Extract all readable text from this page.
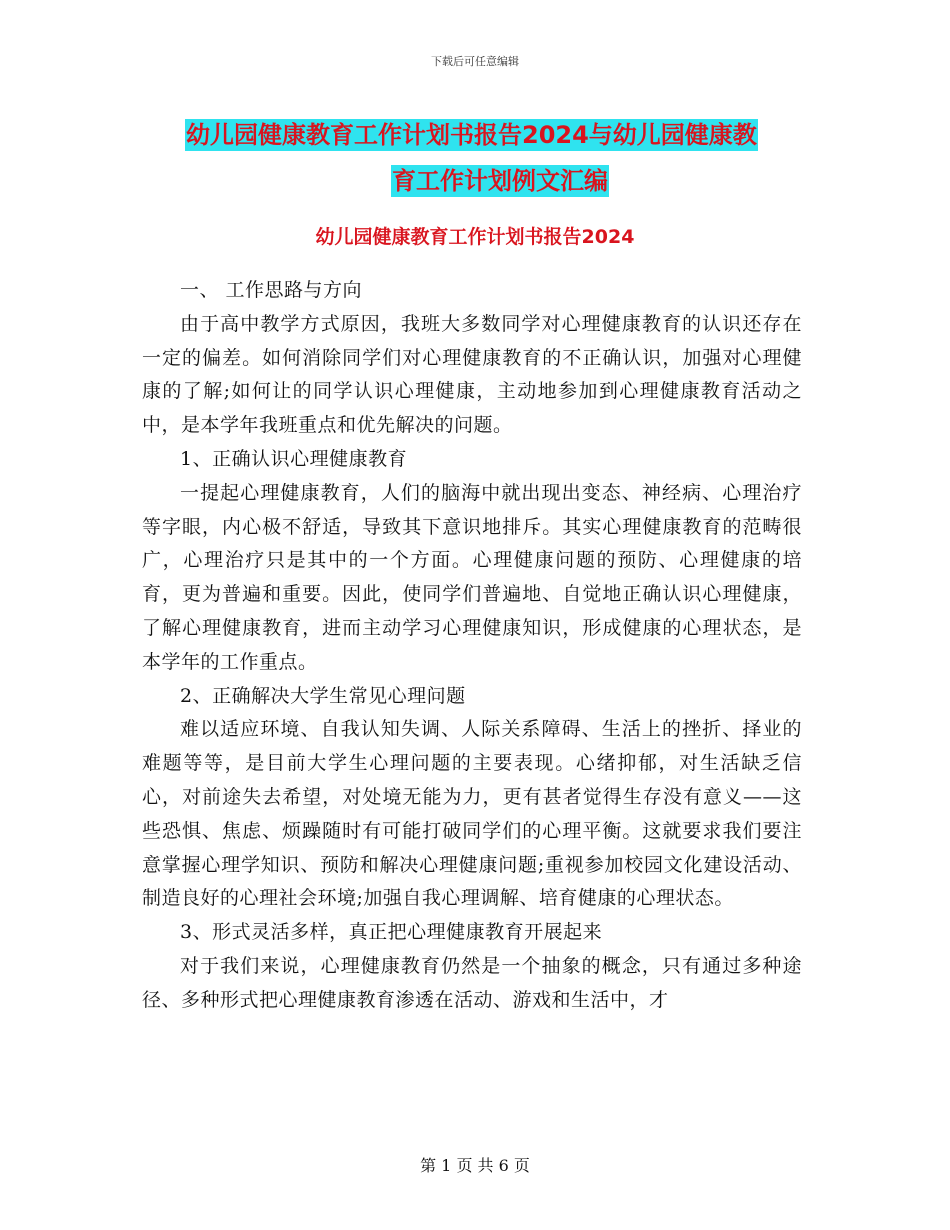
下载后可任意编辑
幼儿园健康教育工作计划书报告2024与幼儿园健康教
育工作计划例文汇编
幼儿园健康教育工作计划书报告2024

一、 工作思路与方向

由于高中教学方式原因，我班大多数同学对心理健康教育的认识还存在一定的偏差。如何消除同学们对心理健康教育的不正确认识，加强对心理健康的了解;如何让的同学认识心理健康，主动地参加到心理健康教育活动之中，是本学年我班重点和优先解决的问题。

1、正确认识心理健康教育

一提起心理健康教育，人们的脑海中就出现出变态、神经病、心理治疗等字眼，内心极不舒适，导致其下意识地排斥。其实心理健康教育的范畴很广，心理治疗只是其中的一个方面。心理健康问题的预防、心理健康的培育，更为普遍和重要。因此，使同学们普遍地、自觉地正确认识心理健康，了解心理健康教育，进而主动学习心理健康知识，形成健康的心理状态，是本学年的工作重点。

2、正确解决大学生常见心理问题

难以适应环境、自我认知失调、人际关系障碍、生活上的挫折、择业的难题等等，是目前大学生心理问题的主要表现。心绪抑郁，对生活缺乏信心，对前途失去希望，对处境无能为力，更有甚者觉得生存没有意义——这些恐惧、焦虑、烦躁随时有可能打破同学们的心理平衡。这就要求我们要注意掌握心理学知识、预防和解决心理健康问题;重视参加校园文化建设活动、制造良好的心理社会环境;加强自我心理调解、培育健康的心理状态。

3、形式灵活多样，真正把心理健康教育开展起来

对于我们来说，心理健康教育仍然是一个抽象的概念，只有通过多种途径、多种形式把心理健康教育渗透在活动、游戏和生活中，才

第 1 页 共 6 页
